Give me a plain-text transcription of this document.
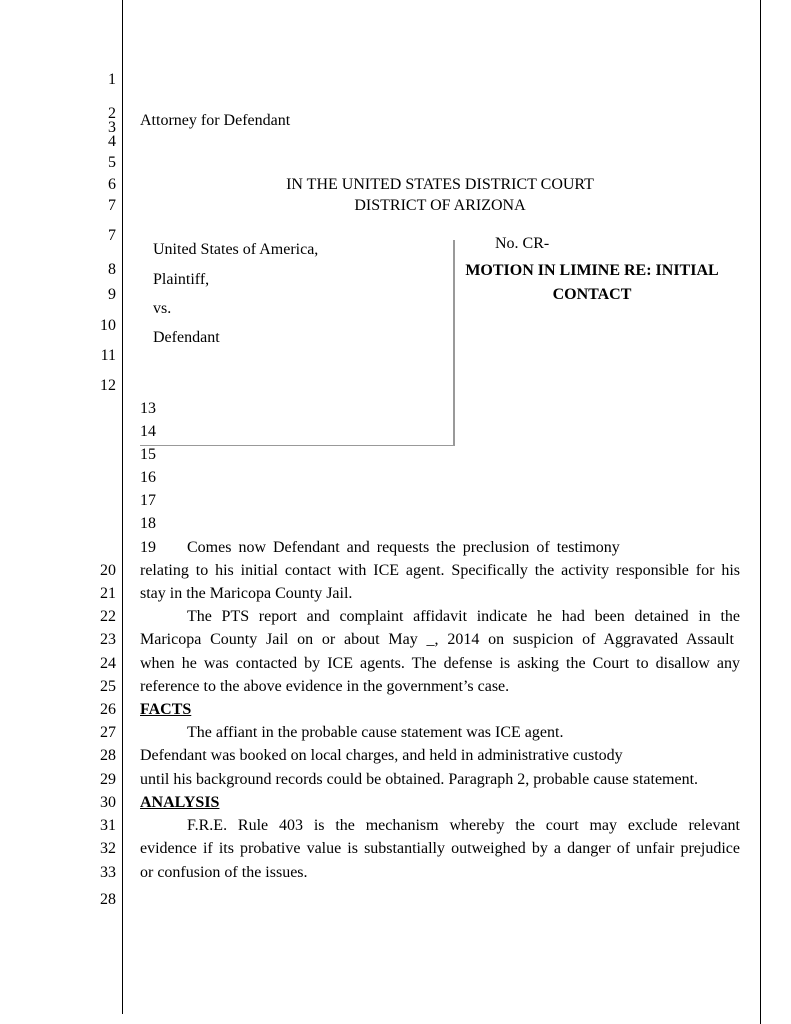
1
2
3
4
5
6
7
7
8
9
10
11
12
13
14
15
16
17
18
19
20
21
22
23
24
25
26
27
28
29
30
31
32
33
28
Attorney for Defendant
IN THE UNITED STATES DISTRICT COURT
DISTRICT OF ARIZONA
United States of America,
Plaintiff,
vs.
Defendant
No. CR-
MOTION IN LIMINE RE: INITIAL
CONTACT
Comes now Defendant and requests the preclusion of testimony
relating to his initial contact with ICE agent. Specifically the activity responsible for his
stay in the Maricopa County Jail.
The PTS report and complaint affidavit indicate he had been detained in the
Maricopa County Jail on or about May _, 2014 on suspicion of Aggravated Assault
when he was contacted by ICE agents. The defense is asking the Court to disallow any
reference to the above evidence in the government’s case.
FACTS
The affiant in the probable cause statement was ICE agent.
Defendant was booked on local charges, and held in administrative custody
until his background records could be obtained. Paragraph 2, probable cause statement.
ANALYSIS
F.R.E. Rule 403 is the mechanism whereby the court may exclude relevant
evidence if its probative value is substantially outweighed by a danger of unfair prejudice
or confusion of the issues.
